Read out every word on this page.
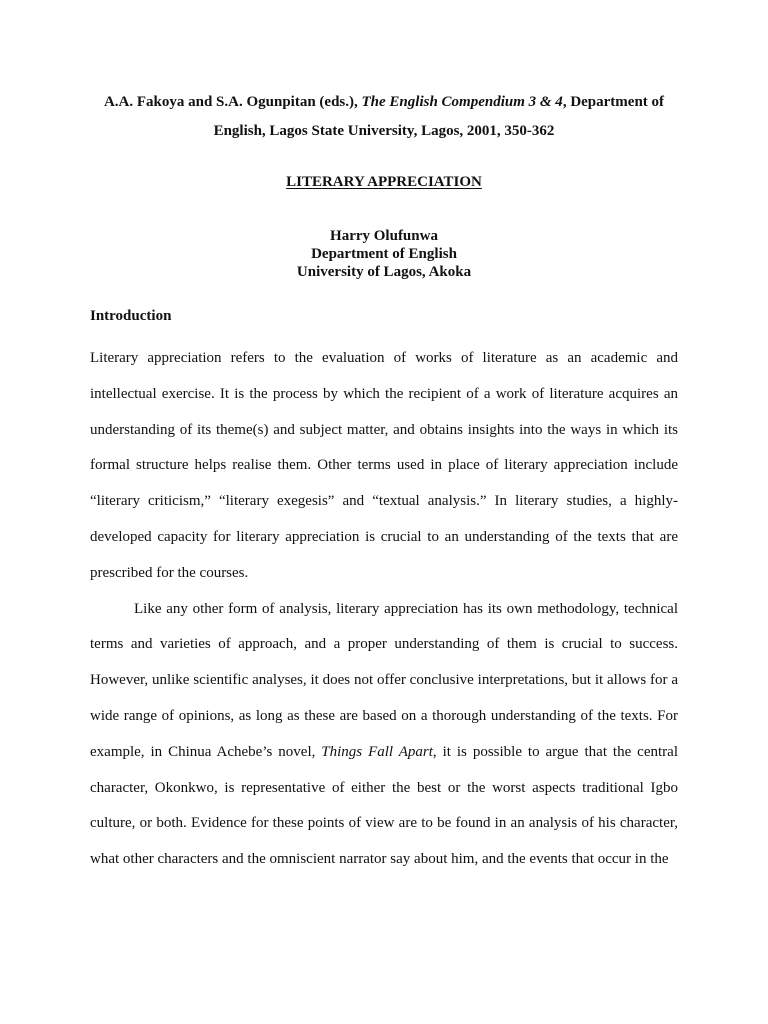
A.A. Fakoya and S.A. Ogunpitan (eds.), The English Compendium 3 & 4, Department of English, Lagos State University, Lagos, 2001, 350-362
LITERARY APPRECIATION
Harry Olufunwa
Department of English
University of Lagos, Akoka
Introduction

Literary appreciation refers to the evaluation of works of literature as an academic and intellectual exercise. It is the process by which the recipient of a work of literature acquires an understanding of its theme(s) and subject matter, and obtains insights into the ways in which its formal structure helps realise them. Other terms used in place of literary appreciation include “literary criticism,” “literary exegesis” and “textual analysis.” In literary studies, a highly-developed capacity for literary appreciation is crucial to an understanding of the texts that are prescribed for the courses.

Like any other form of analysis, literary appreciation has its own methodology, technical terms and varieties of approach, and a proper understanding of them is crucial to success. However, unlike scientific analyses, it does not offer conclusive interpretations, but it allows for a wide range of opinions, as long as these are based on a thorough understanding of the texts. For example, in Chinua Achebe’s novel, Things Fall Apart, it is possible to argue that the central character, Okonkwo, is representative of either the best or the worst aspects traditional Igbo culture, or both. Evidence for these points of view are to be found in an analysis of his character, what other characters and the omniscient narrator say about him, and the events that occur in the
